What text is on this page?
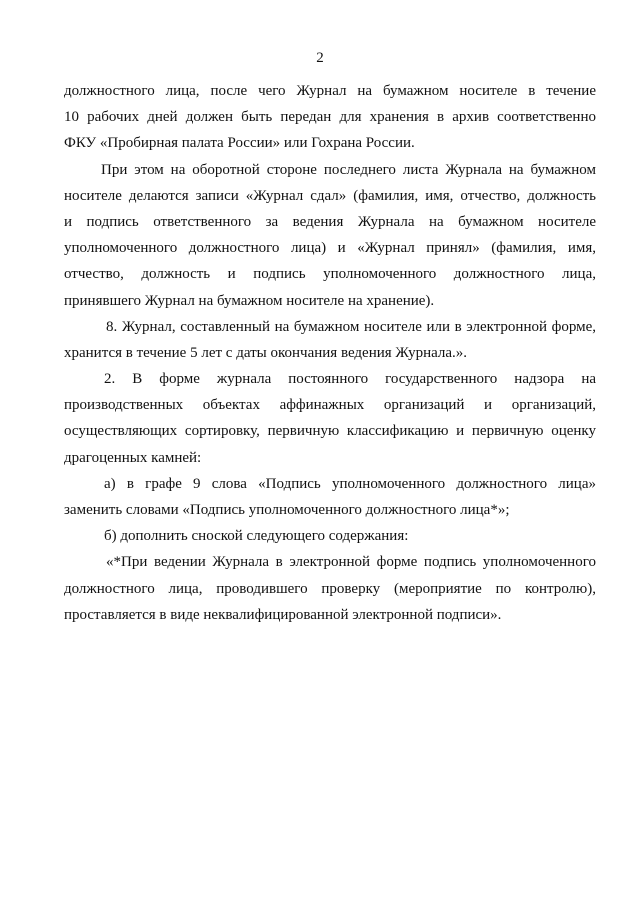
2
должностного лица, после чего Журнал на бумажном носителе в течение
10 рабочих дней должен быть передан для хранения в архив соответственно
ФКУ «Пробирная палата России» или Гохрана России.
При этом на оборотной стороне последнего листа Журнала на бумажном
носителе делаются записи «Журнал сдал» (фамилия, имя, отчество, должность
и подпись ответственного за ведения Журнала на бумажном носителе
уполномоченного должностного лица) и «Журнал принял» (фамилия, имя,
отчество, должность и подпись уполномоченного должностного лица,
принявшего Журнал на бумажном носителе на хранение).
8. Журнал, составленный на бумажном носителе или в электронной форме,
хранится в течение 5 лет с даты окончания ведения Журнала.».
2. В форме журнала постоянного государственного надзора на
производственных объектах аффинажных организаций и организаций,
осуществляющих сортировку, первичную классификацию и первичную оценку
драгоценных камней:
а) в графе 9 слова «Подпись уполномоченного должностного лица»
заменить словами «Подпись уполномоченного должностного лица*»;
б) дополнить сноской следующего содержания:
«*При ведении Журнала в электронной форме подпись уполномоченного
должностного лица, проводившего проверку (мероприятие по контролю),
проставляется в виде неквалифицированной электронной подписи».
